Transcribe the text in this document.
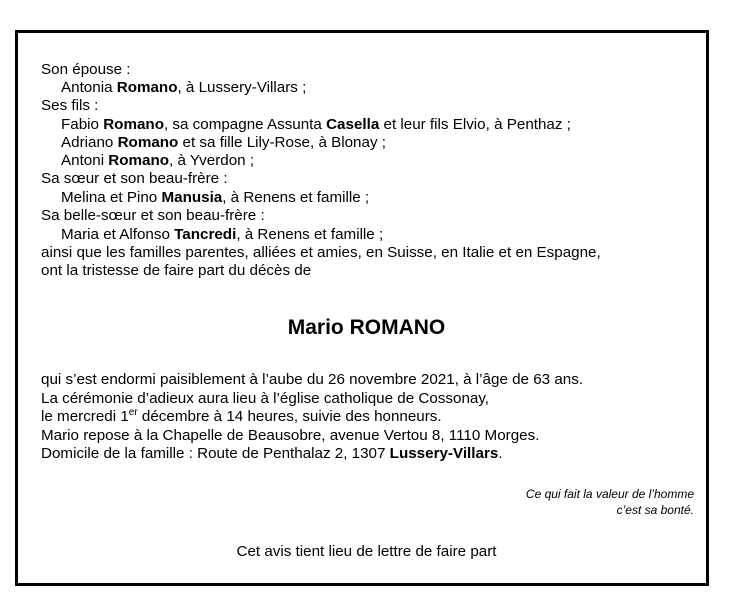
Son épouse :
Antonia Romano, à Lussery-Villars ;
Ses fils :
Fabio Romano, sa compagne Assunta Casella et leur fils Elvio, à Penthaz ;
Adriano Romano et sa fille Lily-Rose, à Blonay ;
Antoni Romano, à Yverdon ;
Sa sœur et son beau-frère :
Melina et Pino Manusia, à Renens et famille ;
Sa belle-sœur et son beau-frère :
Maria et Alfonso Tancredi, à Renens et famille ;
ainsi que les familles parentes, alliées et amies, en Suisse, en Italie et en Espagne,
ont la tristesse de faire part du décès de
Mario ROMANO
qui s’est endormi paisiblement à l’aube du 26 novembre 2021, à l’âge de 63 ans.
La cérémonie d’adieux aura lieu à l’église catholique de Cossonay,
le mercredi 1er décembre à 14 heures, suivie des honneurs.
Mario repose à la Chapelle de Beausobre, avenue Vertou 8, 1110 Morges.
Domicile de la famille : Route de Penthalaz 2, 1307 Lussery-Villars.
Ce qui fait la valeur de l’homme
c’est sa bonté.
Cet avis tient lieu de lettre de faire part
